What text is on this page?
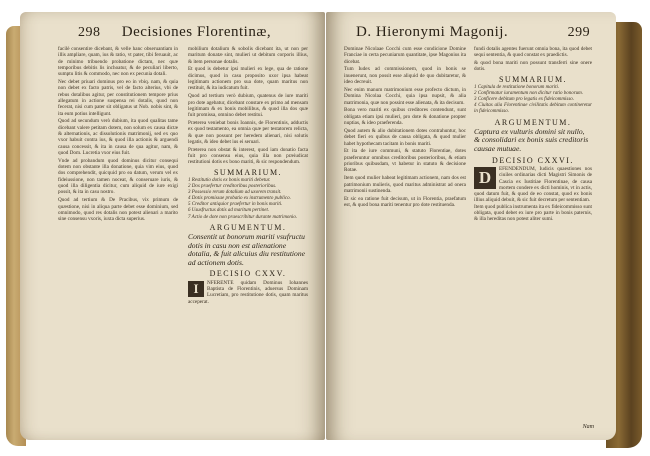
298 Decisiones Florentinæ,

facilè consentire dicebant, & velle hanc obseruantiam in illis ampliare, quam, ius & ratio, vt pater, tibi feruauit, ac de minimo tribuendo probatione dictam, nec quæ temporibus debitis lis inchoatur, & de peculiari liberto, sumptu litis & commodo, nec non ex pecunia dotali.

Nec debet priuari dominus pro eo in vbiq. nam, & quia non debet ex facto patris, vel de facto alterius, vbi de rebus dotalibus agitur, per constitutionem tempore prius allegatum in actione suspensa rei dotalis, quod non fecerat, nisi cum pater sit obligatus ut Nob. nobis sint, & ita eum potius intelligunt.

Quod ad secundum verò dubium, ita quod qualitas tame dicebant valere petitam dotem, non solum ex causa dictæ & alternationis, ac dissolutionis matrimonij, sed ex quo vxor habuit contra ius, & quod illa actionis & arguendi causa concessit, & ita in causa de qua agitur, nam, & quod Dom. Lucretia vxor eius fuit.

Vnde ad probandum quod dominus dicitur consequi dotem non obstante illa donatione, quia vim eius, quod dos comprehendit, quicquid pro ea datum, verum vel ex fideiussione, non tamen noceat, & conseruare iuris, & quod illa diligentia dicitur, cum aliquid de iure exigi possit, & ita in casu nostro.

Quod ad tertium & De Pracibus, vix primum de quæstione, nisi in aliqua parte debet esse dominium, sed omnimodo, quod res dotalis non potest alienari a marito sine consensu vxoris, iuxta dicta superius.

mobilium dotalium & sobolis dicebant ita, ut non per maritum donatæ sint, mulieri ut debitum corporis illius, & item personae dotalis.

Et quod is debetur ipsi mulieri ex lege, qua de ratione dicimus, quod in casu proposito uxor ipsa habeat legitimam actionem pro sua dote, quam maritus non restituit, & ita iudicatum fuit.

Quod ad tertium verò dubium, quatenus de iure mariti pro dote agebatur, dicebant constare ex primo ad mensam legitimam & ex bonis mobilibus, & quod illa dos quæ fuit promissa, omnino debet restitui.

Præterea veniebat bonis Ioannis, de Florentinis, adductis ex quod testamento, ea omnia quæ per testatorem relicta, & quæ non possunt per heredem alienari, nisi solutis legatis, & ideo debet ius ei seruari.

Præterea non obstat & interest, quod iam donatio facta fuit pro consensu eius, quia illa non præiudicat restitutioni dotis ex bono mariti, & sic respondendum.

SUMMARIUM.
1 Restitutio dotis ex bonis mariti debetur.
2 Dos praefertur creditoribus posterioribus.
3 Possessio rerum dotalium ad uxorem transit.
4 Dotis promissae probatio ex instrumento publico.
5 Creditor antiquior praefertur in bonis mariti.
6 Ususfructus dotis ad maritum pertinet.
7 Actio de dote non praescribitur durante matrimonio.
ARGUMENTUM.
Consentit ut bonorum mariti vsufructu dotis in casu non est alienatione dotalia, & fuit alicuius diu restitutione ad actionem dotis.
DECISIO CXXV.
I	NFERENTE quidam Dominus Iohannes Baptista de Florentinis, aduersus Dominam Lucretiam, pro restitutione dotis, quam maritus acceperat.
D. Hieronymi Magonij.	299

Dominae Nicolaae Cocchi cum esse condicione Domine Franciae in certa pecuniarum quantitate, ipse Magonius ita dicebat.

Tum Iudex ad commissionem, quod in bonis se inuenerunt, non possit esse aliquid de quo dubitaretur, & ideo decreuit.

Nec enim manum matrimonium esse profecto dictum, in Domina Nicolaa Cocchi, quia ipsa nupsit, & alia matrimonia, quæ non possint esse alienata, & ita decisum.

Bona vero mariti ex quibus creditores contendunt, sunt obligata etiam ipsi mulieri, pro dote & donatione propter nuptias, & ideo praeferenda.

Quod autem & alio dubitationem dotes contrahuntur, hoc debet fieri ex quibus de causa obligata, & quod mulier habet hypothecam tacitam in bonis mariti.

Et ita de iure communi, & statuto Florentiae, dotes praeferuntur omnibus creditoribus posterioribus, & etiam prioribus quibusdam, vt habetur in statuto & decisione Rotae.

Item quod mulier habeat legitimam actionem, nam dos est patrimonium mulieris, quod maritus administrat ad onera matrimonii sustinenda.

Et sic ea ratione fuit decisum, ut in Florentia, praefatum est, & quod bona mariti tenentur pro dote restituenda.

fundi dotalis agentes fuerunt omnia bona, ita quod debet sequi sententia, & quod constat ex praedictis.

& quod bona mariti non possunt transferri sine onere dotis.

SUMMARIUM.
1 Capitula de restitutione bonorum mariti.
2 Confirmatur iuramentum non dicitur ratio bonorum.
3 Conficere debitum pro legatis ex fideicommisso.
4 Ciuitas alia Florentinae civilitatis debitum contineretur in fideicommisso.
ARGUMENTUM.
Captura ex vulturis domini sit nullo, & consolidari ex bonis suis creditoris causae mutuae.
DECISIO CXXVI.
D	EFENDENDUM, Iudicis quaestiones nos ciuiles ordinarias dicti Magistri Simonis de Cascia ex Iustitiae Florentinae, de causa mortem condere ex dicti hominis, vt in actis, quod datum fuit, & quod de eo constat, quod ex bonis illius aliquid debuit, & sic fuit decretum per sententiam.

Item quod publica instrumenta ita ex fideicommisso sunt obligata, quod debet ex iure pro parte in bonis paternis, & illa hereditas non potest aliter sumi.

Nam
